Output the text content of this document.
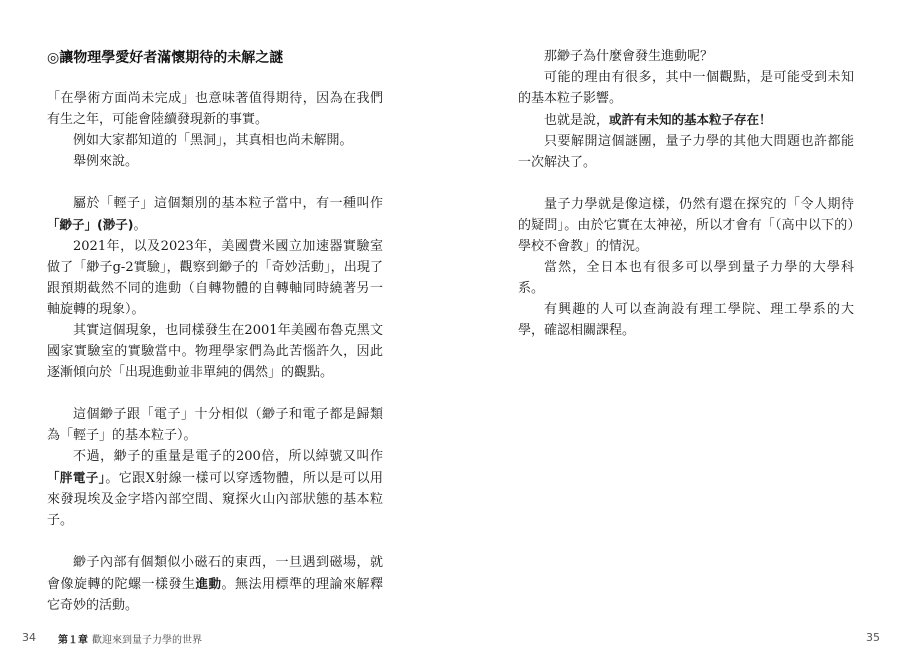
◎讓物理學愛好者滿懷期待的未解之謎

「在學術方面尚未完成」也意味著值得期待，因為在我們有生之年，可能會陸續發現新的事實。

例如大家都知道的「黑洞」，其真相也尚未解開。

舉例來說。

屬於「輕子」這個類別的基本粒子當中，有一種叫作「緲子」(渺子)。

2021年，以及2023年，美國費米國立加速器實驗室做了「緲子g-2實驗」，觀察到緲子的「奇妙活動」，出現了跟預期截然不同的進動（自轉物體的自轉軸同時繞著另一軸旋轉的現象）。

其實這個現象，也同樣發生在2001年美國布魯克黑文國家實驗室的實驗當中。物理學家們為此苦惱許久，因此逐漸傾向於「出現進動並非單純的偶然」的觀點。

這個緲子跟「電子」十分相似（緲子和電子都是歸類為「輕子」的基本粒子）。

不過，緲子的重量是電子的200倍，所以綽號又叫作「胖電子」。它跟X射線一樣可以穿透物體，所以是可以用來發現埃及金字塔內部空間、窺探火山內部狀態的基本粒子。

緲子內部有個類似小磁石的東西，一旦遇到磁場，就會像旋轉的陀螺一樣發生進動。無法用標準的理論來解釋它奇妙的活動。

34 第１章 歡迎來到量子力學的世界

那緲子為什麼會發生進動呢？

可能的理由有很多，其中一個觀點，是可能受到未知的基本粒子影響。

也就是說，或許有未知的基本粒子存在！

只要解開這個謎團，量子力學的其他大問題也許都能一次解決了。

量子力學就是像這樣，仍然有還在探究的「令人期待的疑問」。由於它實在太神祕，所以才會有「（高中以下的）學校不會教」的情況。

當然，全日本也有很多可以學到量子力學的大學科系。

有興趣的人可以查詢設有理工學院、理工學系的大學，確認相關課程。

35
